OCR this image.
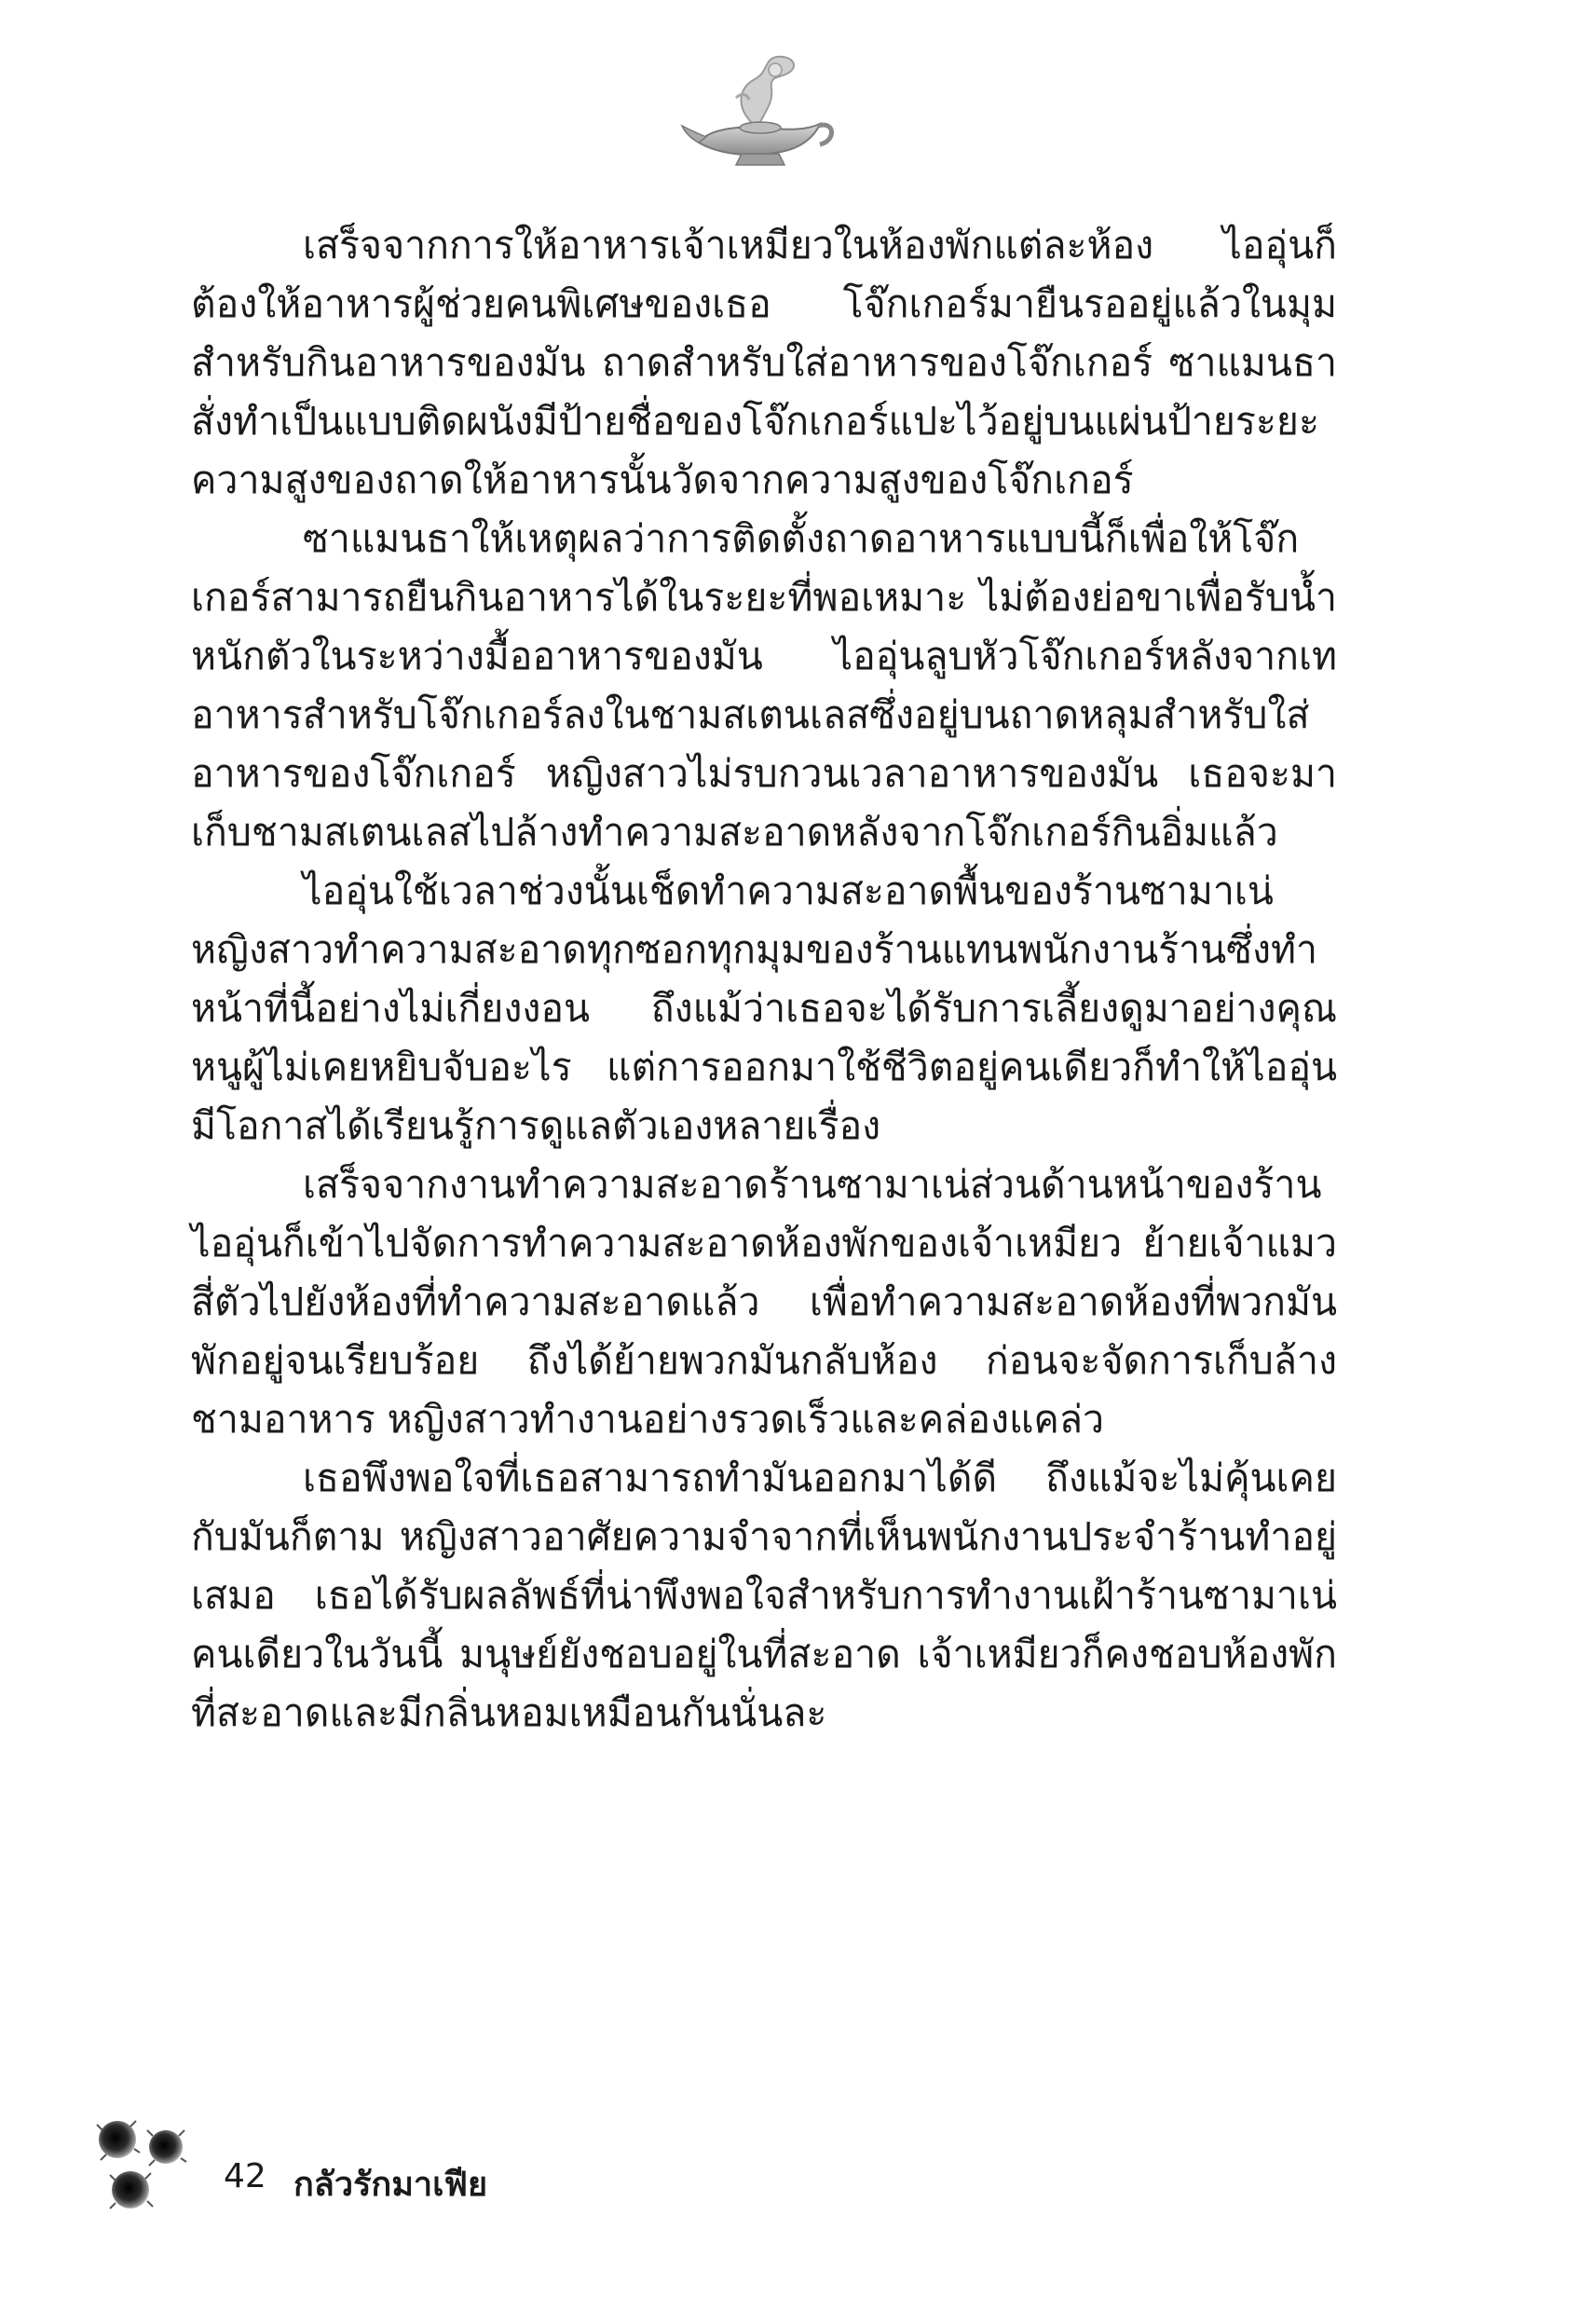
เสร็จจากการให้อาหารเจ้าเหมียวในห้องพักแต่ละห้อง ไออุ่นก็ต้องให้อาหารผู้ช่วยคนพิเศษของเธอ โจ๊กเกอร์มายืนรออยู่แล้วในมุมสำหรับกินอาหารของมัน ถาดสำหรับใส่อาหารของโจ๊กเกอร์ ซาแมนธาสั่งทำเป็นแบบติดผนังมีป้ายชื่อของโจ๊กเกอร์แปะไว้อยู่บนแผ่นป้ายระยะความสูงของถาดให้อาหารนั้นวัดจากความสูงของโจ๊กเกอร์

ซาแมนธาให้เหตุผลว่าการติดตั้งถาดอาหารแบบนี้ก็เพื่อให้โจ๊กเกอร์สามารถยืนกินอาหารได้ในระยะที่พอเหมาะ ไม่ต้องย่อขาเพื่อรับน้ำหนักตัวในระหว่างมื้ออาหารของมัน ไออุ่นลูบหัวโจ๊กเกอร์หลังจากเทอาหารสำหรับโจ๊กเกอร์ลงในชามสเตนเลสซึ่งอยู่บนถาดหลุมสำหรับใส่อาหารของโจ๊กเกอร์ หญิงสาวไม่รบกวนเวลาอาหารของมัน เธอจะมาเก็บชามสเตนเลสไปล้างทำความสะอาดหลังจากโจ๊กเกอร์กินอิ่มแล้ว

ไออุ่นใช้เวลาช่วงนั้นเช็ดทำความสะอาดพื้นของร้านซามาเน่หญิงสาวทำความสะอาดทุกซอกทุกมุมของร้านแทนพนักงานร้านซึ่งทำหน้าที่นี้อย่างไม่เกี่ยงงอน ถึงแม้ว่าเธอจะได้รับการเลี้ยงดูมาอย่างคุณหนูผู้ไม่เคยหยิบจับอะไร แต่การออกมาใช้ชีวิตอยู่คนเดียวก็ทำให้ไออุ่นมีโอกาสได้เรียนรู้การดูแลตัวเองหลายเรื่อง

เสร็จจากงานทำความสะอาดร้านซามาเน่ส่วนด้านหน้าของร้านไออุ่นก็เข้าไปจัดการทำความสะอาดห้องพักของเจ้าเหมียว ย้ายเจ้าแมวสี่ตัวไปยังห้องที่ทำความสะอาดแล้ว เพื่อทำความสะอาดห้องที่พวกมันพักอยู่จนเรียบร้อย ถึงได้ย้ายพวกมันกลับห้อง ก่อนจะจัดการเก็บล้างชามอาหาร หญิงสาวทำงานอย่างรวดเร็วและคล่องแคล่ว

เธอพึงพอใจที่เธอสามารถทำมันออกมาได้ดี ถึงแม้จะไม่คุ้นเคยกับมันก็ตาม หญิงสาวอาศัยความจำจากที่เห็นพนักงานประจำร้านทำอยู่เสมอ เธอได้รับผลลัพธ์ที่น่าพึงพอใจสำหรับการทำงานเฝ้าร้านซามาเน่คนเดียวในวันนี้ มนุษย์ยังชอบอยู่ในที่สะอาด เจ้าเหมียวก็คงชอบห้องพักที่สะอาดและมีกลิ่นหอมเหมือนกันนั่นละ

42 กลัวรักมาเฟีย
